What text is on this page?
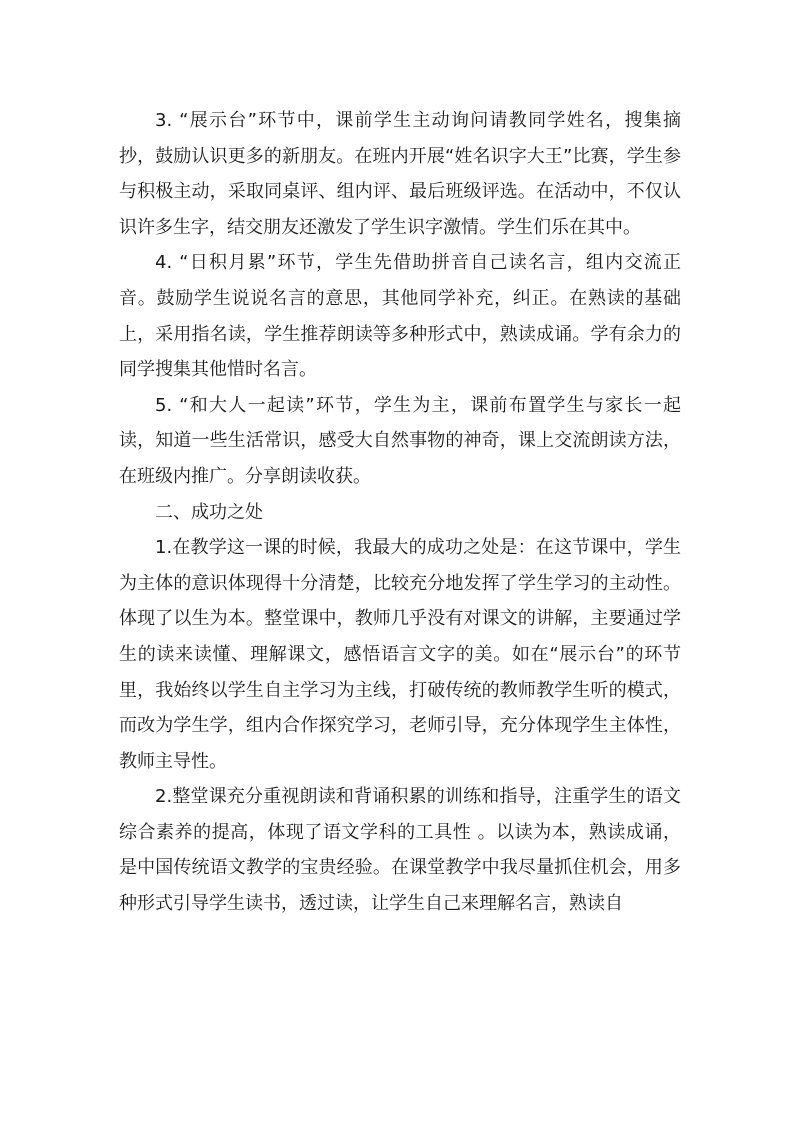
3. “展示台”环节中，课前学生主动询问请教同学姓名，搜集摘抄，鼓励认识更多的新朋友。在班内开展“姓名识字大王”比赛，学生参与积极主动，采取同桌评、组内评、最后班级评选。在活动中，不仅认识许多生字，结交朋友还激发了学生识字激情。学生们乐在其中。

4. “日积月累”环节，学生先借助拼音自己读名言，组内交流正音。鼓励学生说说名言的意思，其他同学补充，纠正。在熟读的基础上，采用指名读，学生推荐朗读等多种形式中，熟读成诵。学有余力的同学搜集其他惜时名言。

5. “和大人一起读”环节，学生为主，课前布置学生与家长一起读，知道一些生活常识，感受大自然事物的神奇，课上交流朗读方法，在班级内推广。分享朗读收获。

二、成功之处

1.在教学这一课的时候，我最大的成功之处是：在这节课中，学生为主体的意识体现得十分清楚，比较充分地发挥了学生学习的主动性。体现了以生为本。整堂课中，教师几乎没有对课文的讲解，主要通过学生的读来读懂、理解课文，感悟语言文字的美。如在“展示台”的环节里，我始终以学生自主学习为主线，打破传统的教师教学生听的模式，而改为学生学，组内合作探究学习，老师引导，充分体现学生主体性，教师主导性。

2.整堂课充分重视朗读和背诵积累的训练和指导，注重学生的语文综合素养的提高，体现了语文学科的工具性 。以读为本，熟读成诵，是中国传统语文教学的宝贵经验。在课堂教学中我尽量抓住机会，用多种形式引导学生读书，透过读，让学生自己来理解名言，熟读自
